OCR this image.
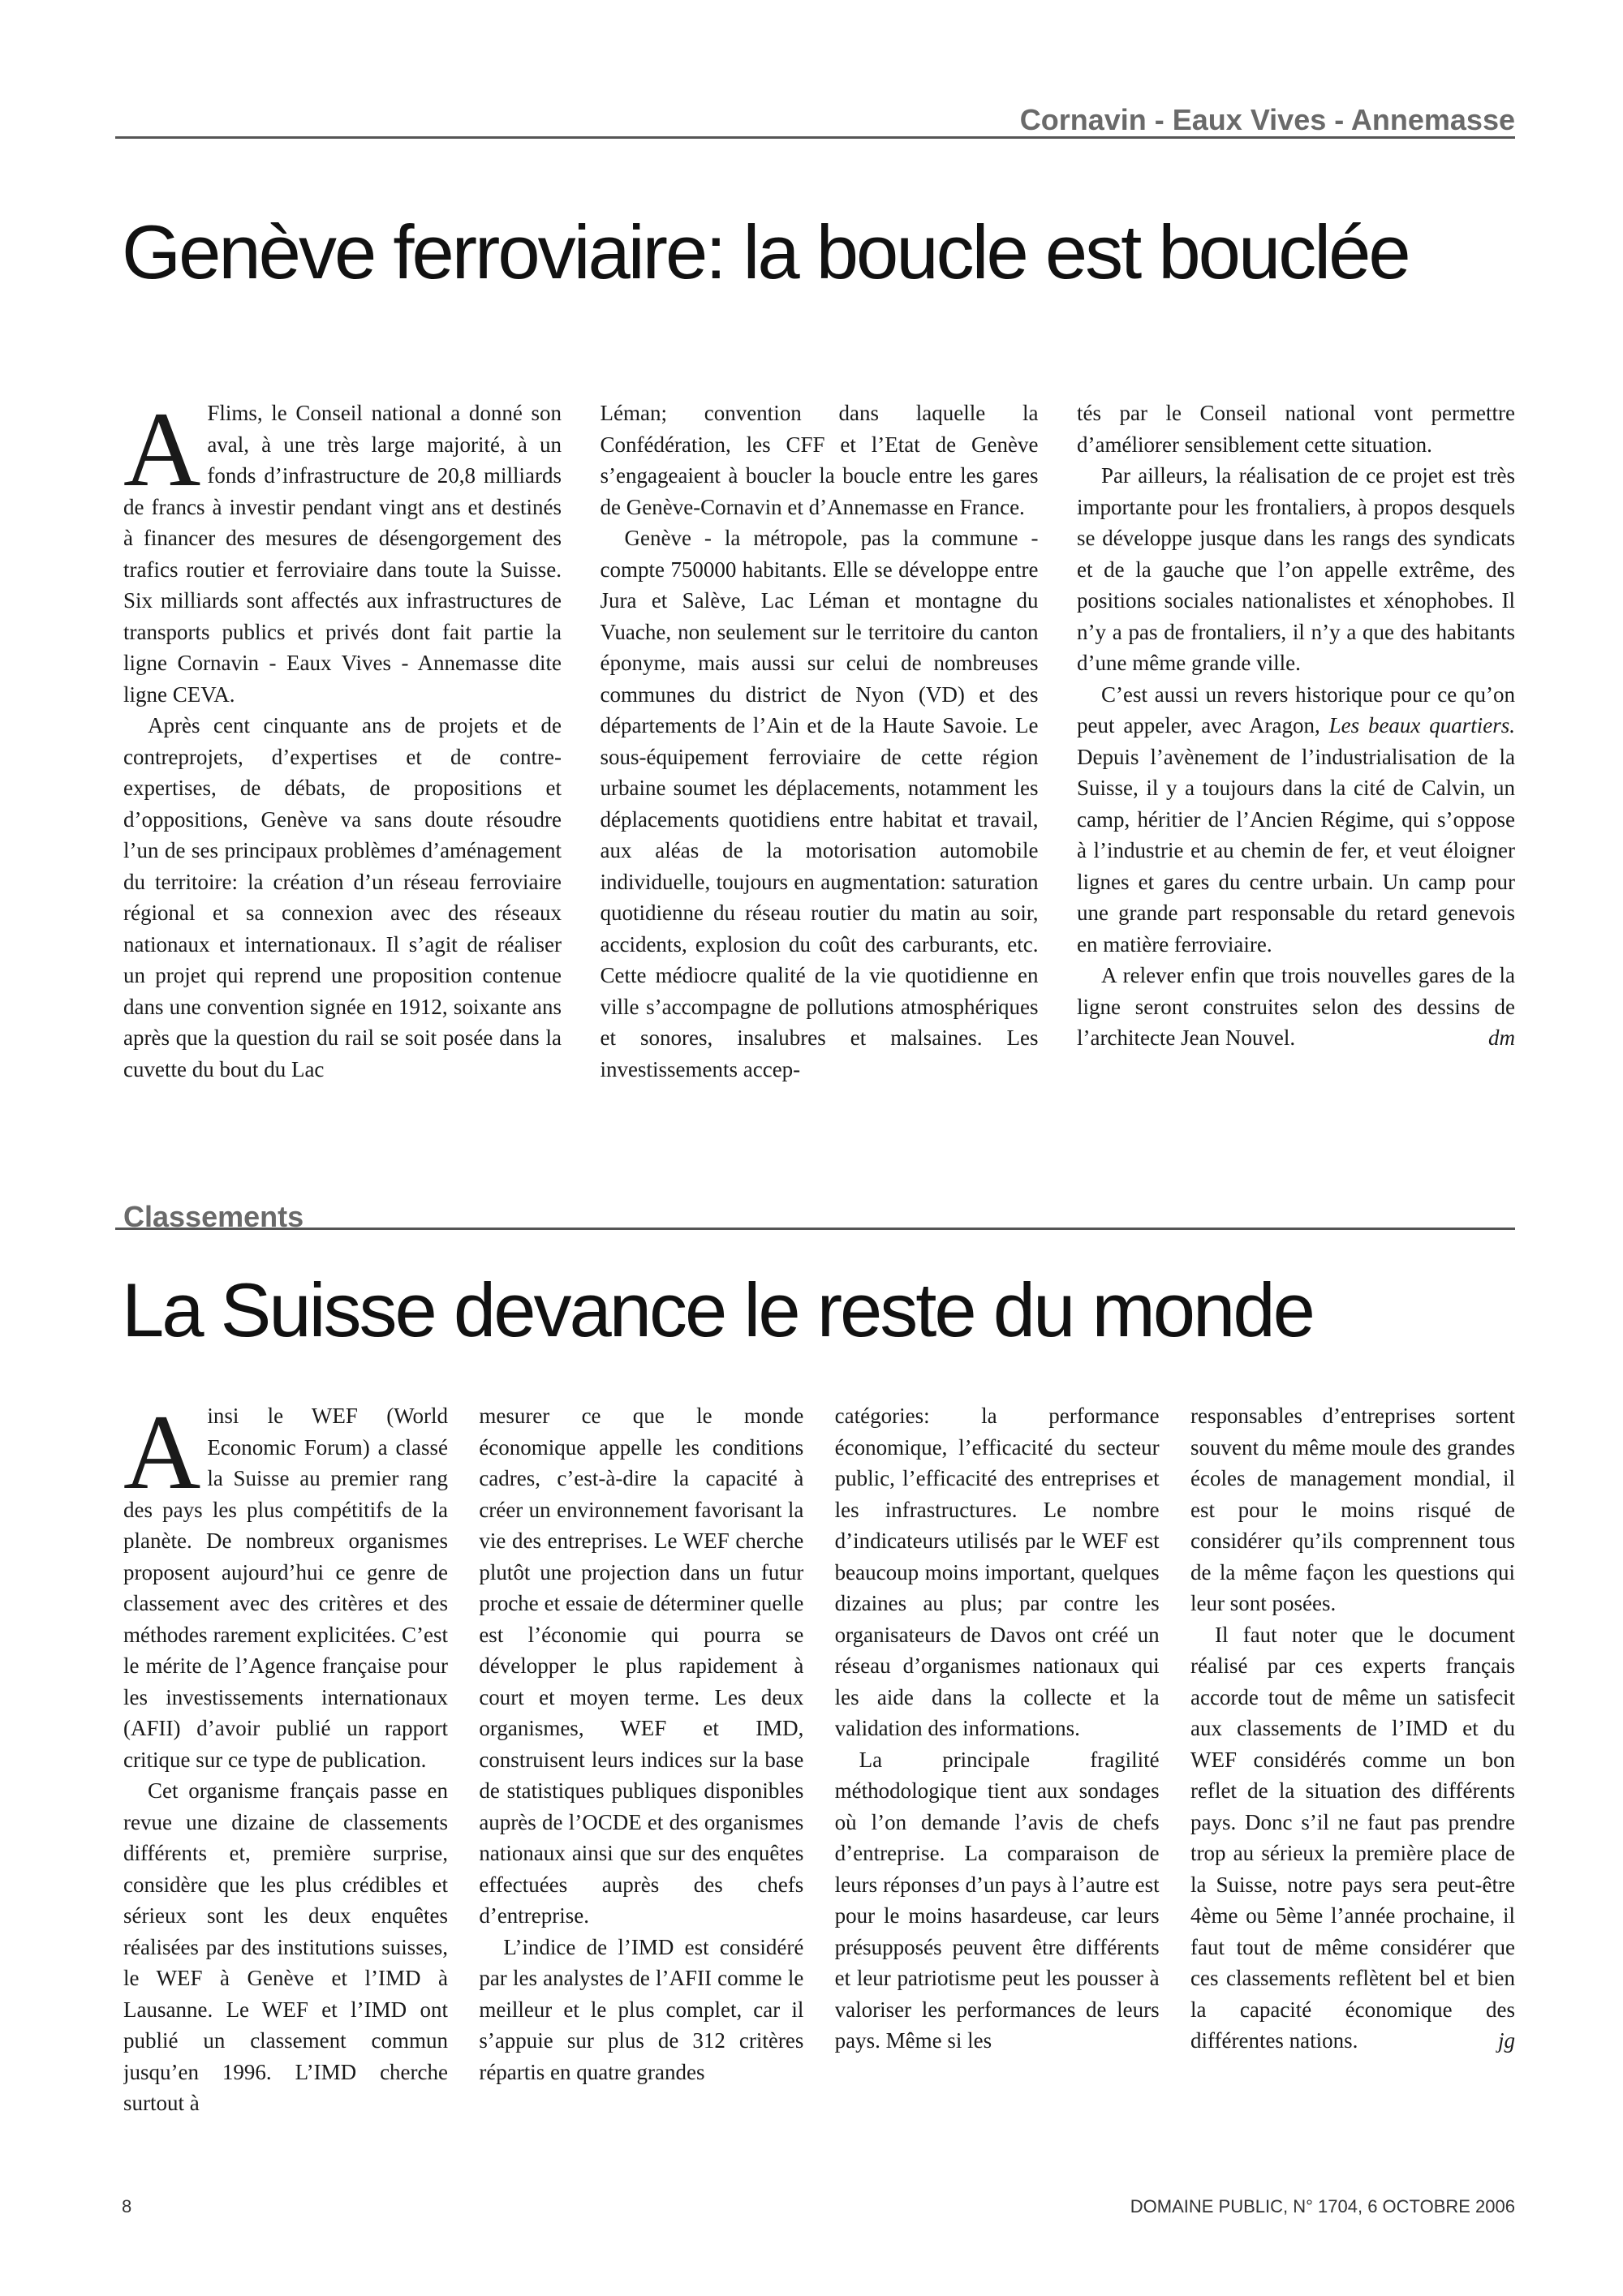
Cornavin - Eaux Vives - Annemasse
Genève ferroviaire: la boucle est bouclée

A Flims, le Conseil national a donné son aval, à une très large majorité, à un fonds d’infrastructure de 20,8 milliards de francs à investir pendant vingt ans et destinés à financer des mesures de désengorgement des trafics routier et ferroviaire dans toute la Suisse. Six milliards sont affectés aux infrastructures de transports publics et privés dont fait partie la ligne Cornavin - Eaux Vives - Annemasse dite ligne CEVA.

Après cent cinquante ans de projets et de contreprojets, d’expertises et de contre-expertises, de débats, de propositions et d’oppositions, Genève va sans doute résoudre l’un de ses principaux problèmes d’aménagement du territoire: la création d’un réseau ferroviaire régional et sa connexion avec des réseaux nationaux et internationaux. Il s’agit de réaliser un projet qui reprend une proposition contenue dans une convention signée en 1912, soixante ans après que la question du rail se soit posée dans la cuvette du bout du Lac

Léman; convention dans laquelle la Confédération, les CFF et l’Etat de Genève s’engageaient à boucler la boucle entre les gares de Genève-Cornavin et d’Annemasse en France.

Genève - la métropole, pas la commune - compte 750000 habitants. Elle se développe entre Jura et Salève, Lac Léman et montagne du Vuache, non seulement sur le territoire du canton éponyme, mais aussi sur celui de nombreuses communes du district de Nyon (VD) et des départements de l’Ain et de la Haute Savoie. Le sous-équipement ferroviaire de cette région urbaine soumet les déplacements, notamment les déplacements quotidiens entre habitat et travail, aux aléas de la motorisation automobile individuelle, toujours en augmentation: saturation quotidienne du réseau routier du matin au soir, accidents, explosion du coût des carburants, etc. Cette médiocre qualité de la vie quotidienne en ville s’accompagne de pollutions atmosphériques et sonores, insalubres et malsaines. Les investissements accep-

tés par le Conseil national vont permettre d’améliorer sensiblement cette situation.

Par ailleurs, la réalisation de ce projet est très importante pour les frontaliers, à propos desquels se développe jusque dans les rangs des syndicats et de la gauche que l’on appelle extrême, des positions sociales nationalistes et xénophobes. Il n’y a pas de frontaliers, il n’y a que des habitants d’une même grande ville.

C’est aussi un revers historique pour ce qu’on peut appeler, avec Aragon, Les beaux quartiers. Depuis l’avènement de l’industrialisation de la Suisse, il y a toujours dans la cité de Calvin, un camp, héritier de l’Ancien Régime, qui s’oppose à l’industrie et au chemin de fer, et veut éloigner lignes et gares du centre urbain. Un camp pour une grande part responsable du retard genevois en matière ferroviaire.

A relever enfin que trois nouvelles gares de la ligne seront construites selon des dessins de l’architecte Jean Nouvel.	dm

Classements
La Suisse devance le reste du monde

Ainsi le WEF (World Economic Forum) a classé la Suisse au premier rang des pays les plus compétitifs de la planète. De nombreux organismes proposent aujourd’hui ce genre de classement avec des critères et des méthodes rarement explicitées. C’est le mérite de l’Agence française pour les investissements internationaux (AFII) d’avoir publié un rapport critique sur ce type de publication.

Cet organisme français passe en revue une dizaine de classements différents et, première surprise, considère que les plus crédibles et sérieux sont les deux enquêtes réalisées par des institutions suisses, le WEF à Genève et l’IMD à Lausanne. Le WEF et l’IMD ont publié un classement commun jusqu’en 1996. L’IMD cherche surtout à

mesurer ce que le monde économique appelle les conditions cadres, c’est-à-dire la capacité à créer un environnement favorisant la vie des entreprises. Le WEF cherche plutôt une projection dans un futur proche et essaie de déterminer quelle est l’économie qui pourra se développer le plus rapidement à court et moyen terme. Les deux organismes, WEF et IMD, construisent leurs indices sur la base de statistiques publiques disponibles auprès de l’OCDE et des organismes nationaux ainsi que sur des enquêtes effectuées auprès des chefs d’entreprise.

L’indice de l’IMD est considéré par les analystes de l’AFII comme le meilleur et le plus complet, car il s’appuie sur plus de 312 critères répartis en quatre grandes

catégories: la performance économique, l’efficacité du secteur public, l’efficacité des entreprises et les infrastructures. Le nombre d’indicateurs utilisés par le WEF est beaucoup moins important, quelques dizaines au plus; par contre les organisateurs de Davos ont créé un réseau d’organismes nationaux qui les aide dans la collecte et la validation des informations.

La principale fragilité méthodologique tient aux sondages où l’on demande l’avis de chefs d’entreprise. La comparaison de leurs réponses d’un pays à l’autre est pour le moins hasardeuse, car leurs présupposés peuvent être différents et leur patriotisme peut les pousser à valoriser les performances de leurs pays. Même si les

responsables d’entreprises sortent souvent du même moule des grandes écoles de management mondial, il est pour le moins risqué de considérer qu’ils comprennent tous de la même façon les questions qui leur sont posées.

Il faut noter que le document réalisé par ces experts français accorde tout de même un satisfecit aux classements de l’IMD et du WEF considérés comme un bon reflet de la situation des différents pays. Donc s’il ne faut pas prendre trop au sérieux la première place de la Suisse, notre pays sera peut-être 4ème ou 5ème l’année prochaine, il faut tout de même considérer que ces classements reflètent bel et bien la capacité économique des différentes nations.	jg

8	DOMAINE PUBLIC, N° 1704, 6 OCTOBRE 2006
